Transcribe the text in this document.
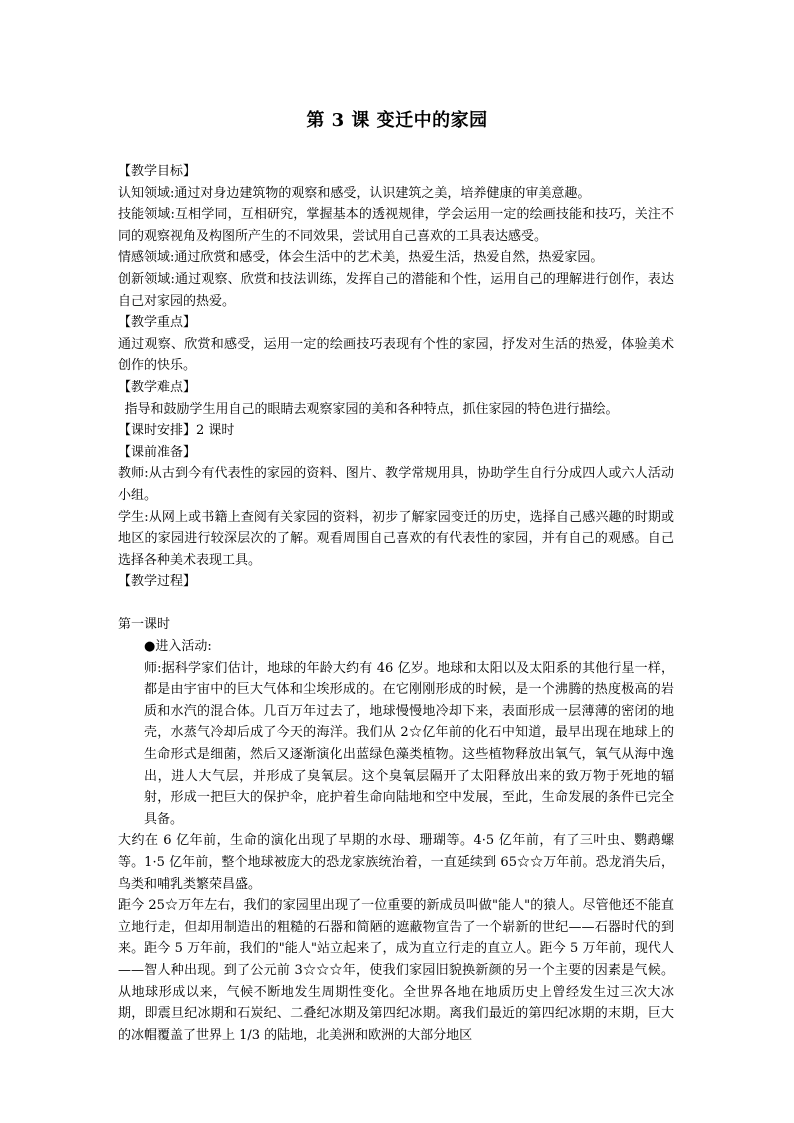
第 3 课 变迁中的家园

【教学目标】

认知领域:通过对身边建筑物的观察和感受，认识建筑之美，培养健康的审美意趣。

技能领域:互相学同，互相研究，掌握基本的透视规律，学会运用一定的绘画技能和技巧，关注不同的观察视角及构图所产生的不同效果，尝试用自己喜欢的工具表达感受。

情感领域:通过欣赏和感受，体会生活中的艺术美，热爱生活，热爱自然，热爱家园。

创新领域:通过观察、欣赏和技法训练，发挥自己的潜能和个性，运用自己的理解进行创作，表达自己对家园的热爱。

【教学重点】

通过观察、欣赏和感受，运用一定的绘画技巧表现有个性的家园，抒发对生活的热爱，体验美术创作的快乐。

【教学难点】

指导和鼓励学生用自己的眼睛去观察家园的美和各种特点，抓住家园的特色进行描绘。

【课时安排】2 课时

【课前准备】

教师:从古到今有代表性的家园的资料、图片、教学常规用具，协助学生自行分成四人或六人活动小组。

学生:从网上或书籍上查阅有关家园的资料，初步了解家园变迁的历史，选择自己感兴趣的时期或地区的家园进行较深层次的了解。观看周围自己喜欢的有代表性的家园，并有自己的观感。自己选择各种美术表现工具。

【教学过程】

第一课时

●进入活动:

师:据科学家们估计，地球的年龄大约有 46 亿岁。地球和太阳以及太阳系的其他行星一样，都是由宇宙中的巨大气体和尘埃形成的。在它刚刚形成的时候，是一个沸腾的热度极高的岩质和水汽的混合体。几百万年过去了，地球慢慢地冷却下来，表面形成一层薄薄的密闭的地壳，水蒸气冷却后成了今天的海洋。我们从 2☆亿年前的化石中知道，最早出现在地球上的生命形式是细菌，然后又逐渐演化出蓝绿色藻类植物。这些植物释放出氧气，氧气从海中逸出，进人大气层，并形成了臭氧层。这个臭氧层隔开了太阳释放出来的致万物于死地的辐射，形成一把巨大的保护伞，庇护着生命向陆地和空中发展，至此，生命发展的条件已完全具备。

大约在 6 亿年前，生命的演化出现了早期的水母、珊瑚等。4·5 亿年前，有了三叶虫、鹦鹉螺等。1·5 亿年前，整个地球被庞大的恐龙家族统治着，一直延续到 65☆☆万年前。恐龙消失后，鸟类和哺乳类繁荣昌盛。

距今 25☆万年左右，我们的家园里出现了一位重要的新成员叫做"能人"的猿人。尽管他还不能直立地行走，但却用制造出的粗糙的石器和简陋的遮蔽物宣告了一个崭新的世纪——石器时代的到来。距今 5 万年前，我们的"能人"站立起来了，成为直立行走的直立人。距今 5 万年前，现代人——智人种出现。到了公元前 3☆☆☆年，使我们家园旧貌换新颜的另一个主要的因素是气候。从地球形成以来，气候不断地发生周期性变化。全世界各地在地质历史上曾经发生过三次大冰期，即震旦纪冰期和石炭纪、二叠纪冰期及第四纪冰期。离我们最近的第四纪冰期的末期，巨大的冰帽覆盖了世界上 1/3 的陆地，北美洲和欧洲的大部分地区
